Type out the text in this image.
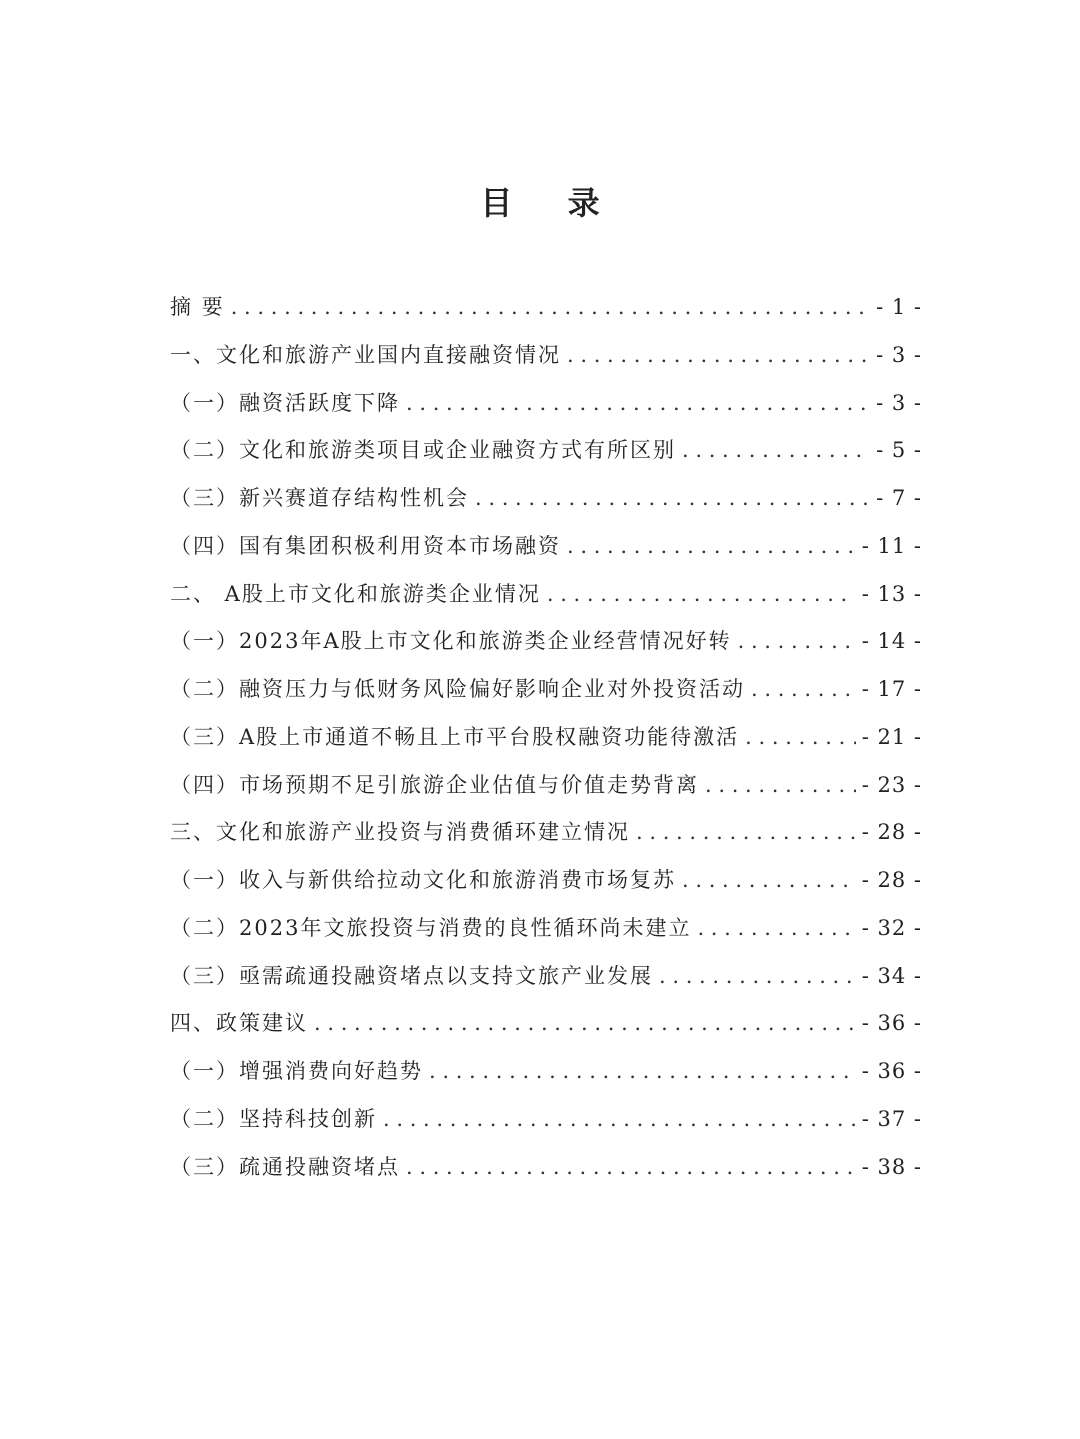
目 录
摘 要 . . .	- 1 -
一、文化和旅游产业国内直接融资情况 . . .	- 3 -
（一）融资活跃度下降 . . .	- 3 -
（二）文化和旅游类项目或企业融资方式有所区别 . . .	- 5 -
（三）新兴赛道存结构性机会 . . .	- 7 -
（四）国有集团积极利用资本市场融资 . . .	- 11 -
二、 A股上市文化和旅游类企业情况 . . .	- 13 -
（一）2023年A股上市文化和旅游类企业经营情况好转 . . .	- 14 -
（二）融资压力与低财务风险偏好影响企业对外投资活动 . . .	- 17 -
（三）A股上市通道不畅且上市平台股权融资功能待激活 . . .	- 21 -
（四）市场预期不足引旅游企业估值与价值走势背离 . . .	- 23 -
三、文化和旅游产业投资与消费循环建立情况 . . .	- 28 -
（一）收入与新供给拉动文化和旅游消费市场复苏 . . .	- 28 -
（二）2023年文旅投资与消费的良性循环尚未建立 . . .	- 32 -
（三）亟需疏通投融资堵点以支持文旅产业发展 . . .	- 34 -
四、政策建议 . . .	- 36 -
（一）增强消费向好趋势 . . .	- 36 -
（二）坚持科技创新 . . .	- 37 -
（三）疏通投融资堵点 . . .	- 38 -
